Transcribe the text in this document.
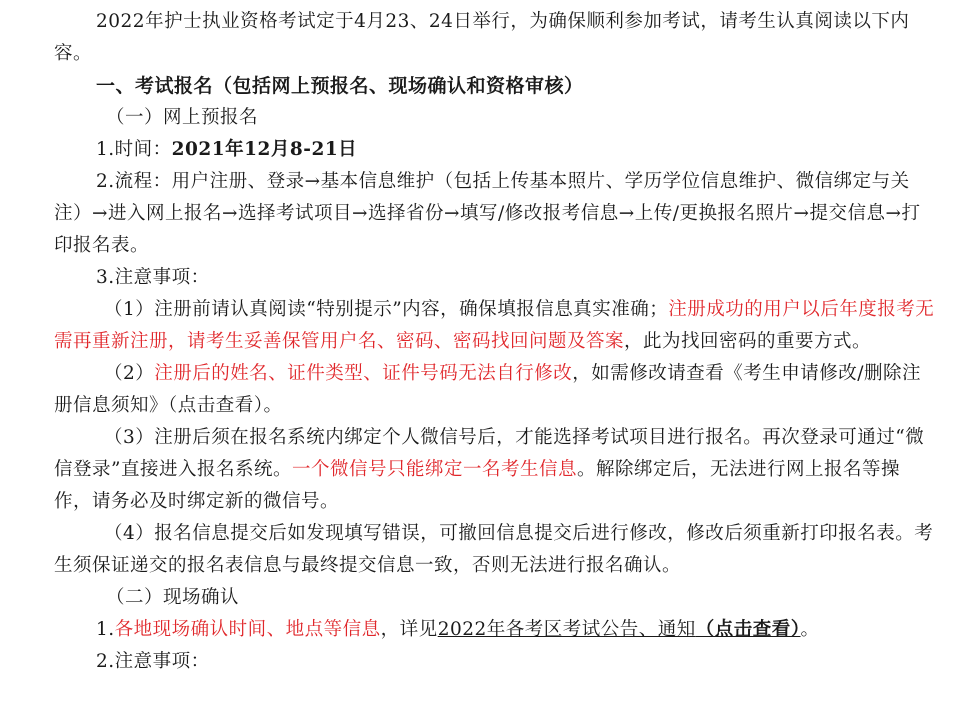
2022年护士执业资格考试定于4月23、24日举行，为确保顺利参加考试，请考生认真阅读以下内容。

一、考试报名（包括网上预报名、现场确认和资格审核）

（一）网上预报名

1.时间：2021年12月8-21日

2.流程：用户注册、登录→基本信息维护（包括上传基本照片、学历学位信息维护、微信绑定与关注）→进入网上报名→选择考试项目→选择省份→填写/修改报考信息→上传/更换报名照片→提交信息→打印报名表。

3.注意事项：

（1）注册前请认真阅读“特别提示”内容，确保填报信息真实准确；注册成功的用户以后年度报考无需再重新注册，请考生妥善保管用户名、密码、密码找回问题及答案，此为找回密码的重要方式。

（2）注册后的姓名、证件类型、证件号码无法自行修改，如需修改请查看《考生申请修改/删除注册信息须知》（点击查看）。

（3）注册后须在报名系统内绑定个人微信号后，才能选择考试项目进行报名。再次登录可通过“微信登录”直接进入报名系统。一个微信号只能绑定一名考生信息。解除绑定后，无法进行网上报名等操作，请务必及时绑定新的微信号。

（4）报名信息提交后如发现填写错误，可撤回信息提交后进行修改，修改后须重新打印报名表。考生须保证递交的报名表信息与最终提交信息一致，否则无法进行报名确认。

（二）现场确认

1.各地现场确认时间、地点等信息，详见2022年各考区考试公告、通知（点击查看）。

2.注意事项：
